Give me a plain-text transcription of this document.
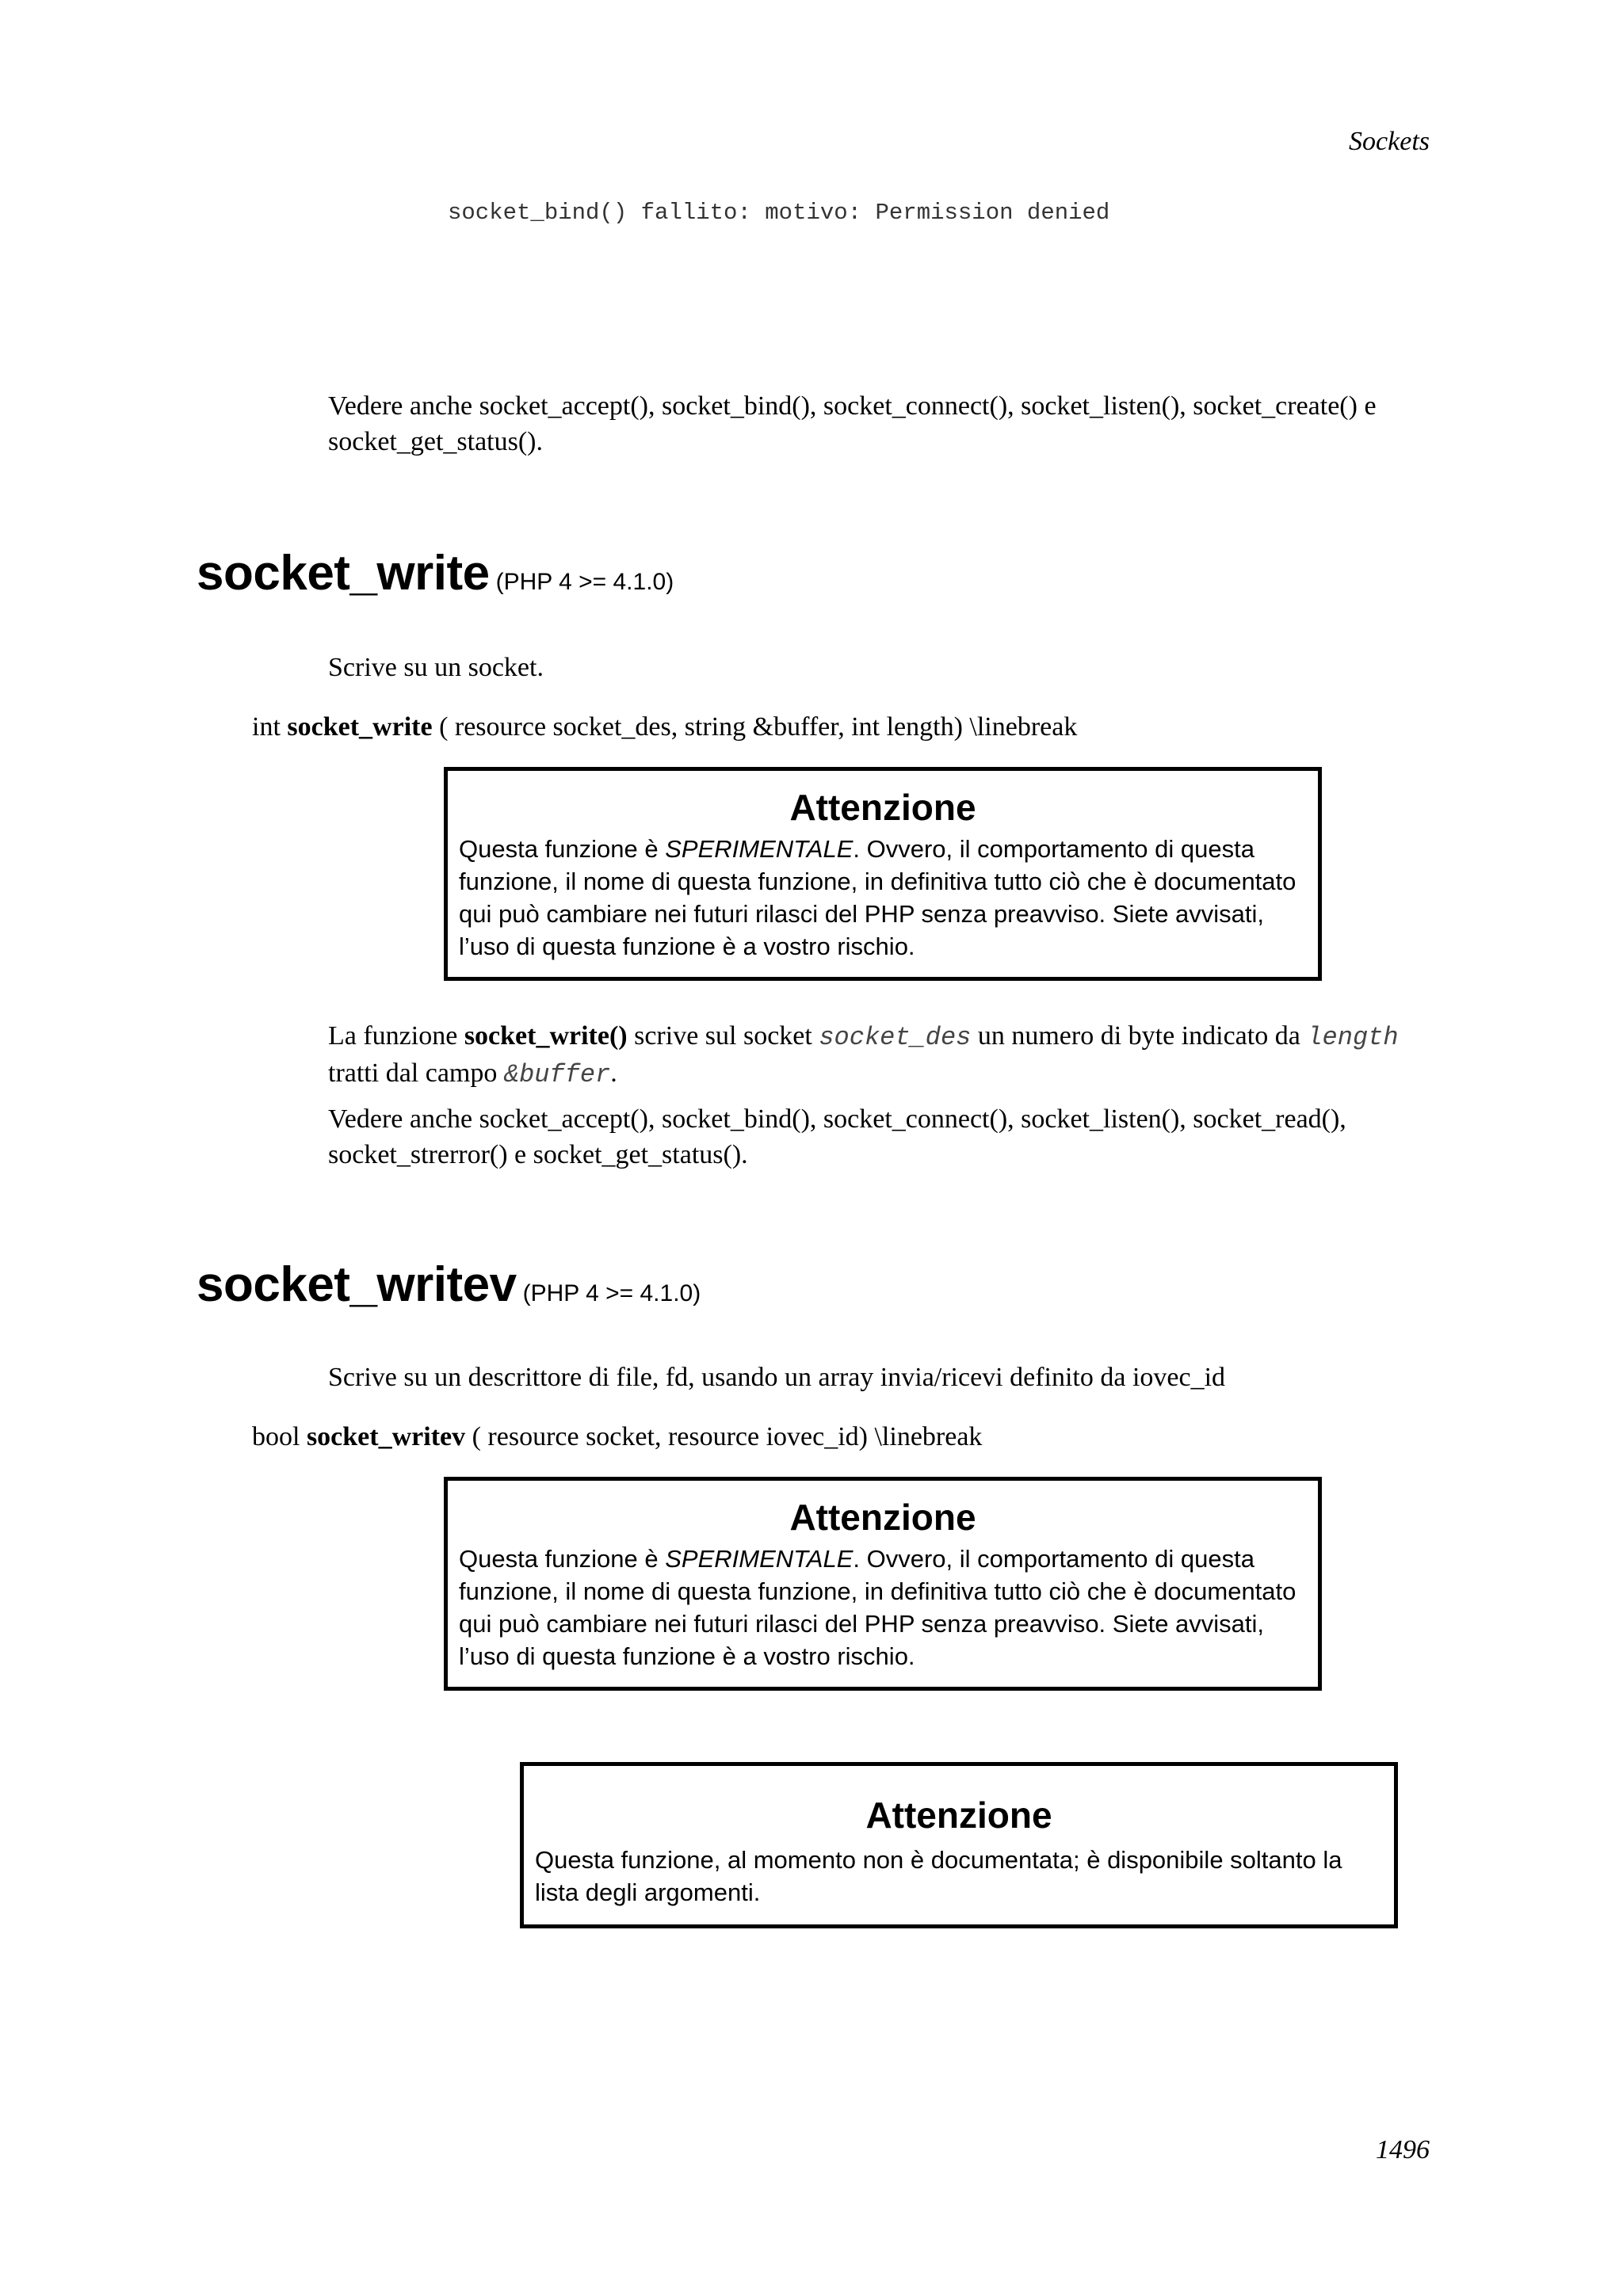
Sockets
socket_bind() fallito: motivo: Permission denied
Vedere anche socket_accept(), socket_bind(), socket_connect(), socket_listen(), socket_create() e
socket_get_status().
socket_write (PHP 4 >= 4.1.0)
Scrive su un socket.
int socket_write ( resource socket_des, string &buffer, int length) \linebreak
Attenzione
Questa funzione è SPERIMENTALE. Ovvero, il comportamento di questa funzione, il nome di questa funzione, in definitiva tutto ciò che è documentato qui può cambiare nei futuri rilasci del PHP senza preavviso. Siete avvisati, l’uso di questa funzione è a vostro rischio.
La funzione socket_write() scrive sul socket socket_des un numero di byte indicato da length
tratti dal campo &buffer.
Vedere anche socket_accept(), socket_bind(), socket_connect(), socket_listen(), socket_read(),
socket_strerror() e socket_get_status().
socket_writev (PHP 4 >= 4.1.0)
Scrive su un descrittore di file, fd, usando un array invia/ricevi definito da iovec_id
bool socket_writev ( resource socket, resource iovec_id) \linebreak
Attenzione
Questa funzione è SPERIMENTALE. Ovvero, il comportamento di questa funzione, il nome di questa funzione, in definitiva tutto ciò che è documentato qui può cambiare nei futuri rilasci del PHP senza preavviso. Siete avvisati, l’uso di questa funzione è a vostro rischio.
Attenzione
Questa funzione, al momento non è documentata; è disponibile soltanto la lista degli argomenti.
1496
